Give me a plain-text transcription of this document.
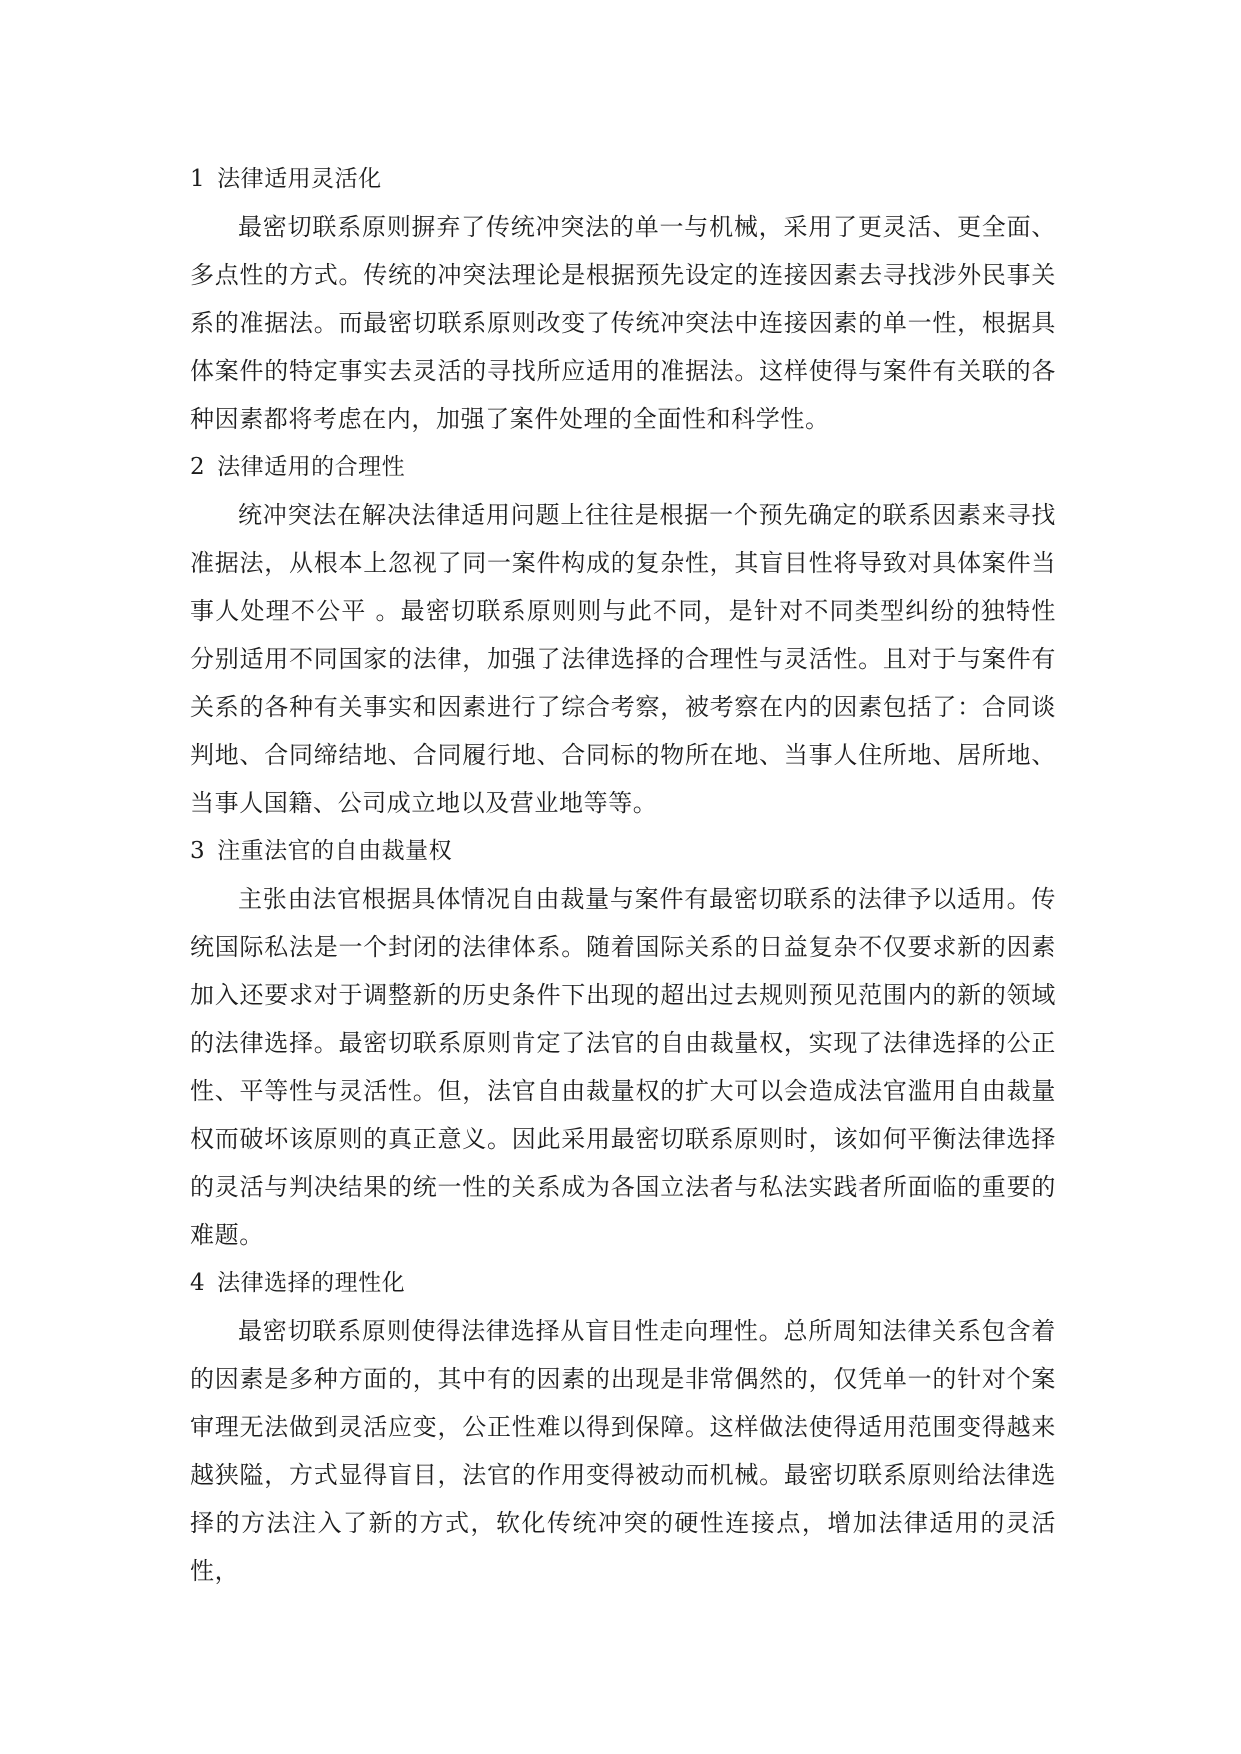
1 法律适用灵活化

最密切联系原则摒弃了传统冲突法的单一与机械，采用了更灵活、更全面、多点性的方式。传统的冲突法理论是根据预先设定的连接因素去寻找涉外民事关系的准据法。而最密切联系原则改变了传统冲突法中连接因素的单一性，根据具体案件的特定事实去灵活的寻找所应适用的准据法。这样使得与案件有关联的各种因素都将考虑在内，加强了案件处理的全面性和科学性。

2 法律适用的合理性

统冲突法在解决法律适用问题上往往是根据一个预先确定的联系因素来寻找准据法，从根本上忽视了同一案件构成的复杂性，其盲目性将导致对具体案件当事人处理不公平 。最密切联系原则则与此不同，是针对不同类型纠纷的独特性分别适用不同国家的法律，加强了法律选择的合理性与灵活性。且对于与案件有关系的各种有关事实和因素进行了综合考察，被考察在内的因素包括了：合同谈判地、合同缔结地、合同履行地、合同标的物所在地、当事人住所地、居所地、当事人国籍、公司成立地以及营业地等等。

3 注重法官的自由裁量权

主张由法官根据具体情况自由裁量与案件有最密切联系的法律予以适用。传统国际私法是一个封闭的法律体系。随着国际关系的日益复杂不仅要求新的因素加入还要求对于调整新的历史条件下出现的超出过去规则预见范围内的新的领域的法律选择。最密切联系原则肯定了法官的自由裁量权，实现了法律选择的公正性、平等性与灵活性。但，法官自由裁量权的扩大可以会造成法官滥用自由裁量权而破坏该原则的真正意义。因此采用最密切联系原则时，该如何平衡法律选择的灵活与判决结果的统一性的关系成为各国立法者与私法实践者所面临的重要的难题。

4 法律选择的理性化

最密切联系原则使得法律选择从盲目性走向理性。总所周知法律关系包含着的因素是多种方面的，其中有的因素的出现是非常偶然的，仅凭单一的针对个案审理无法做到灵活应变，公正性难以得到保障。这样做法使得适用范围变得越来越狭隘，方式显得盲目，法官的作用变得被动而机械。最密切联系原则给法律选择的方法注入了新的方式，软化传统冲突的硬性连接点，增加法律适用的灵活性，
